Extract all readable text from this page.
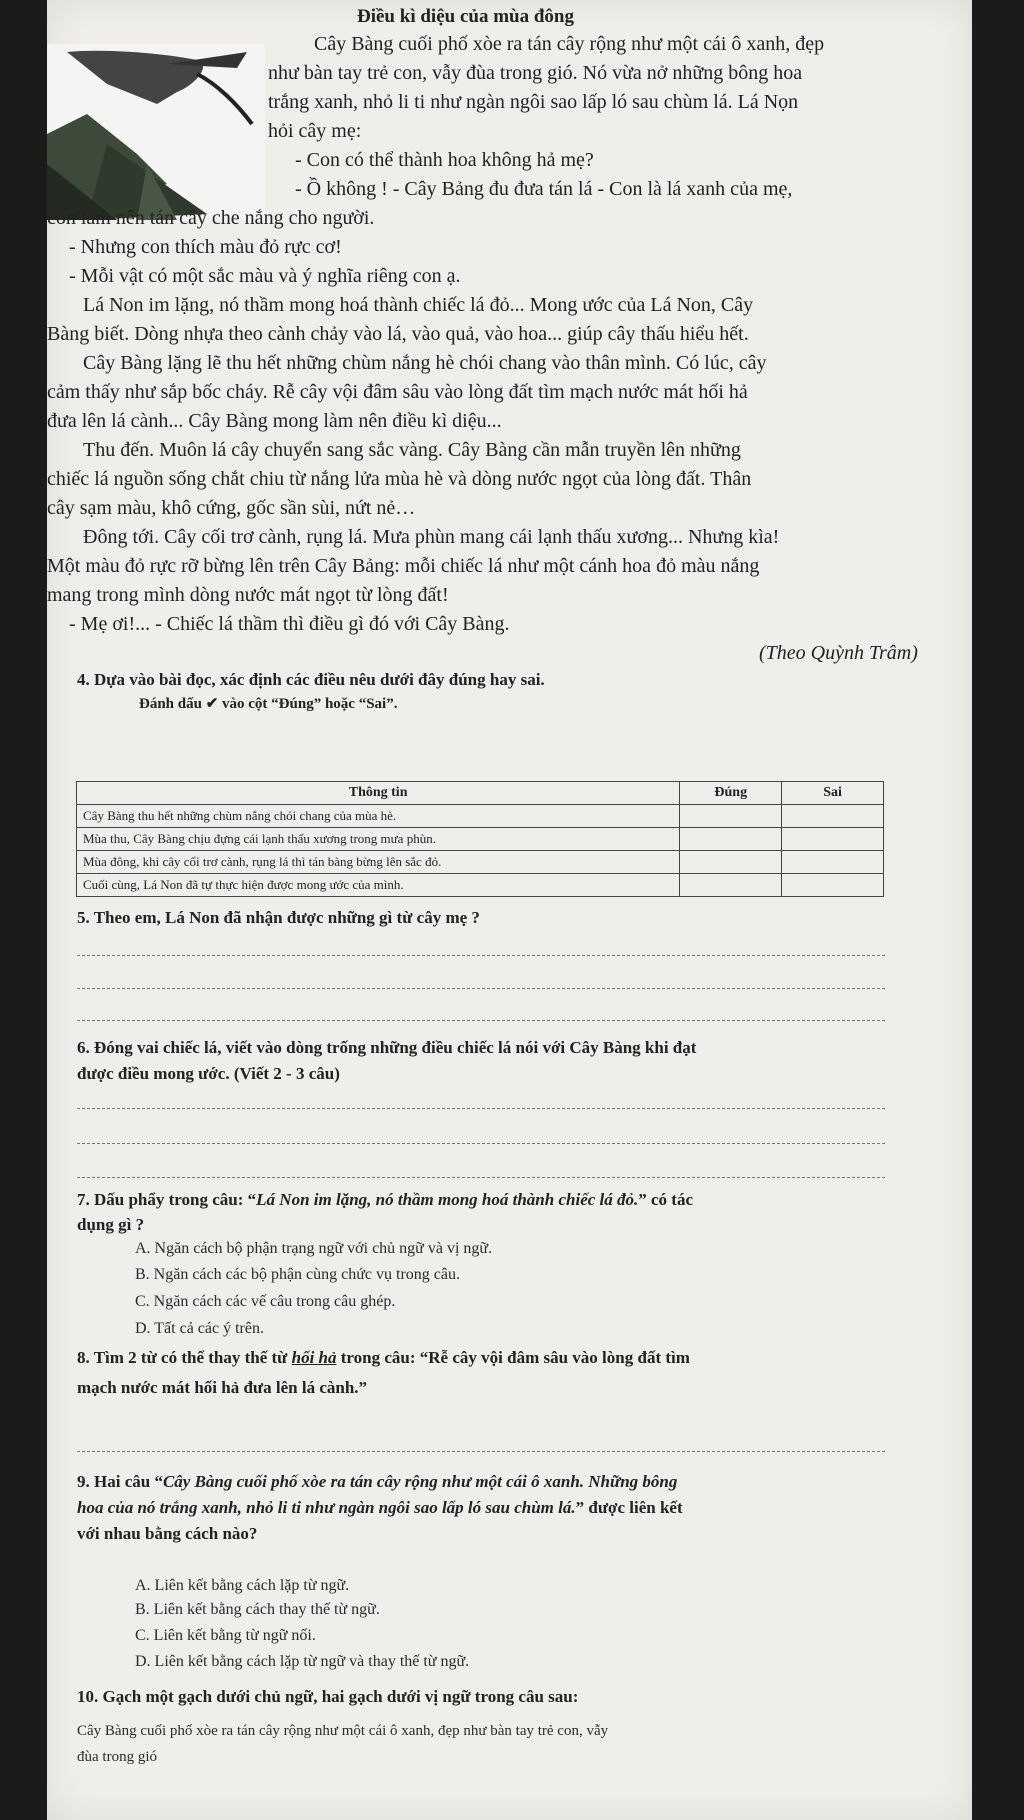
Điều kì diệu của mùa đông
Cây Bàng cuối phố xòe ra tán cây rộng như một cái ô xanh, đẹp
như bàn tay trẻ con, vẫy đùa trong gió. Nó vừa nở những bông hoa
trắng xanh, nhỏ li ti như ngàn ngôi sao lấp ló sau chùm lá. Lá Nọn
hỏi cây mẹ:
- Con có thể thành hoa không hả mẹ?
- Ồ không ! - Cây Bảng đu đưa tán lá - Con là lá xanh của mẹ,
con làm nên tán cây che nắng cho người.
- Nhưng con thích màu đỏ rực cơ!
- Mỗi vật có một sắc màu và ý nghĩa riêng con ạ.
Lá Non im lặng, nó thầm mong hoá thành chiếc lá đỏ... Mong ước của Lá Non, Cây
Bàng biết. Dòng nhựa theo cành chảy vào lá, vào quả, vào hoa... giúp cây thấu hiểu hết.
Cây Bàng lặng lẽ thu hết những chùm nắng hè chói chang vào thân mình. Có lúc, cây
cảm thấy như sắp bốc cháy. Rễ cây vội đâm sâu vào lòng đất tìm mạch nước mát hối hả
đưa lên lá cành... Cây Bàng mong làm nên điều kì diệu...
Thu đến. Muôn lá cây chuyển sang sắc vàng. Cây Bàng cần mẫn truyền lên những
chiếc lá nguồn sống chắt chiu từ nắng lửa mùa hè và dòng nước ngọt của lòng đất. Thân
cây sạm màu, khô cứng, gốc sần sùi, nứt nẻ…
Đông tới. Cây cối trơ cành, rụng lá. Mưa phùn mang cái lạnh thấu xương... Nhưng kìa!
Một màu đỏ rực rỡ bừng lên trên Cây Bảng: mỗi chiếc lá như một cánh hoa đỏ màu nắng
mang trong mình dòng nước mát ngọt từ lòng đất!
- Mẹ ơi!... - Chiếc lá thầm thì điều gì đó với Cây Bàng.
(Theo Quỳnh Trâm)
4. Dựa vào bài đọc, xác định các điều nêu dưới đây đúng hay sai.
Đánh dấu ✔ vào cột “Đúng” hoặc “Sai”.
Thông tin	Đúng	Sai
Cây Bàng thu hết những chùm nắng chói chang của mùa hè.		
Mùa thu, Cây Bàng chịu đựng cái lạnh thấu xương trong mưa phùn.		
Mùa đông, khi cây cối trơ cành, rụng lá thì tán bàng bừng lên sắc đỏ.		
Cuối cùng, Lá Non đã tự thực hiện được mong ước của mình.		
5. Theo em, Lá Non đã nhận được những gì từ cây mẹ ?
6. Đóng vai chiếc lá, viết vào dòng trống những điều chiếc lá nói với Cây Bàng khi đạt
được điều mong ước. (Viết 2 - 3 câu)
7. Dấu phẩy trong câu: “Lá Non im lặng, nó thầm mong hoá thành chiếc lá đỏ.” có tác
dụng gì ?
A. Ngăn cách bộ phận trạng ngữ với chủ ngữ và vị ngữ.
B. Ngăn cách các bộ phận cùng chức vụ trong câu.
C. Ngăn cách các vế câu trong câu ghép.
D. Tất cả các ý trên.
8. Tìm 2 từ có thể thay thế từ hối hả trong câu: “Rễ cây vội đâm sâu vào lòng đất tìm
mạch nước mát hối hả đưa lên lá cành.”
9. Hai câu “Cây Bàng cuối phố xòe ra tán cây rộng như một cái ô xanh. Những bông
hoa của nó trắng xanh, nhỏ li ti như ngàn ngôi sao lấp ló sau chùm lá.” được liên kết
với nhau bằng cách nào?
A. Liên kết bằng cách lặp từ ngữ.
B. Liên kết bằng cách thay thế từ ngữ.
C. Liên kết bằng từ ngữ nối.
D. Liên kết bằng cách lặp từ ngữ và thay thế từ ngữ.
10. Gạch một gạch dưới chủ ngữ, hai gạch dưới vị ngữ trong câu sau:
Cây Bàng cuối phố xòe ra tán cây rộng như một cái ô xanh, đẹp như bàn tay trẻ con, vẫy
đùa trong gió
